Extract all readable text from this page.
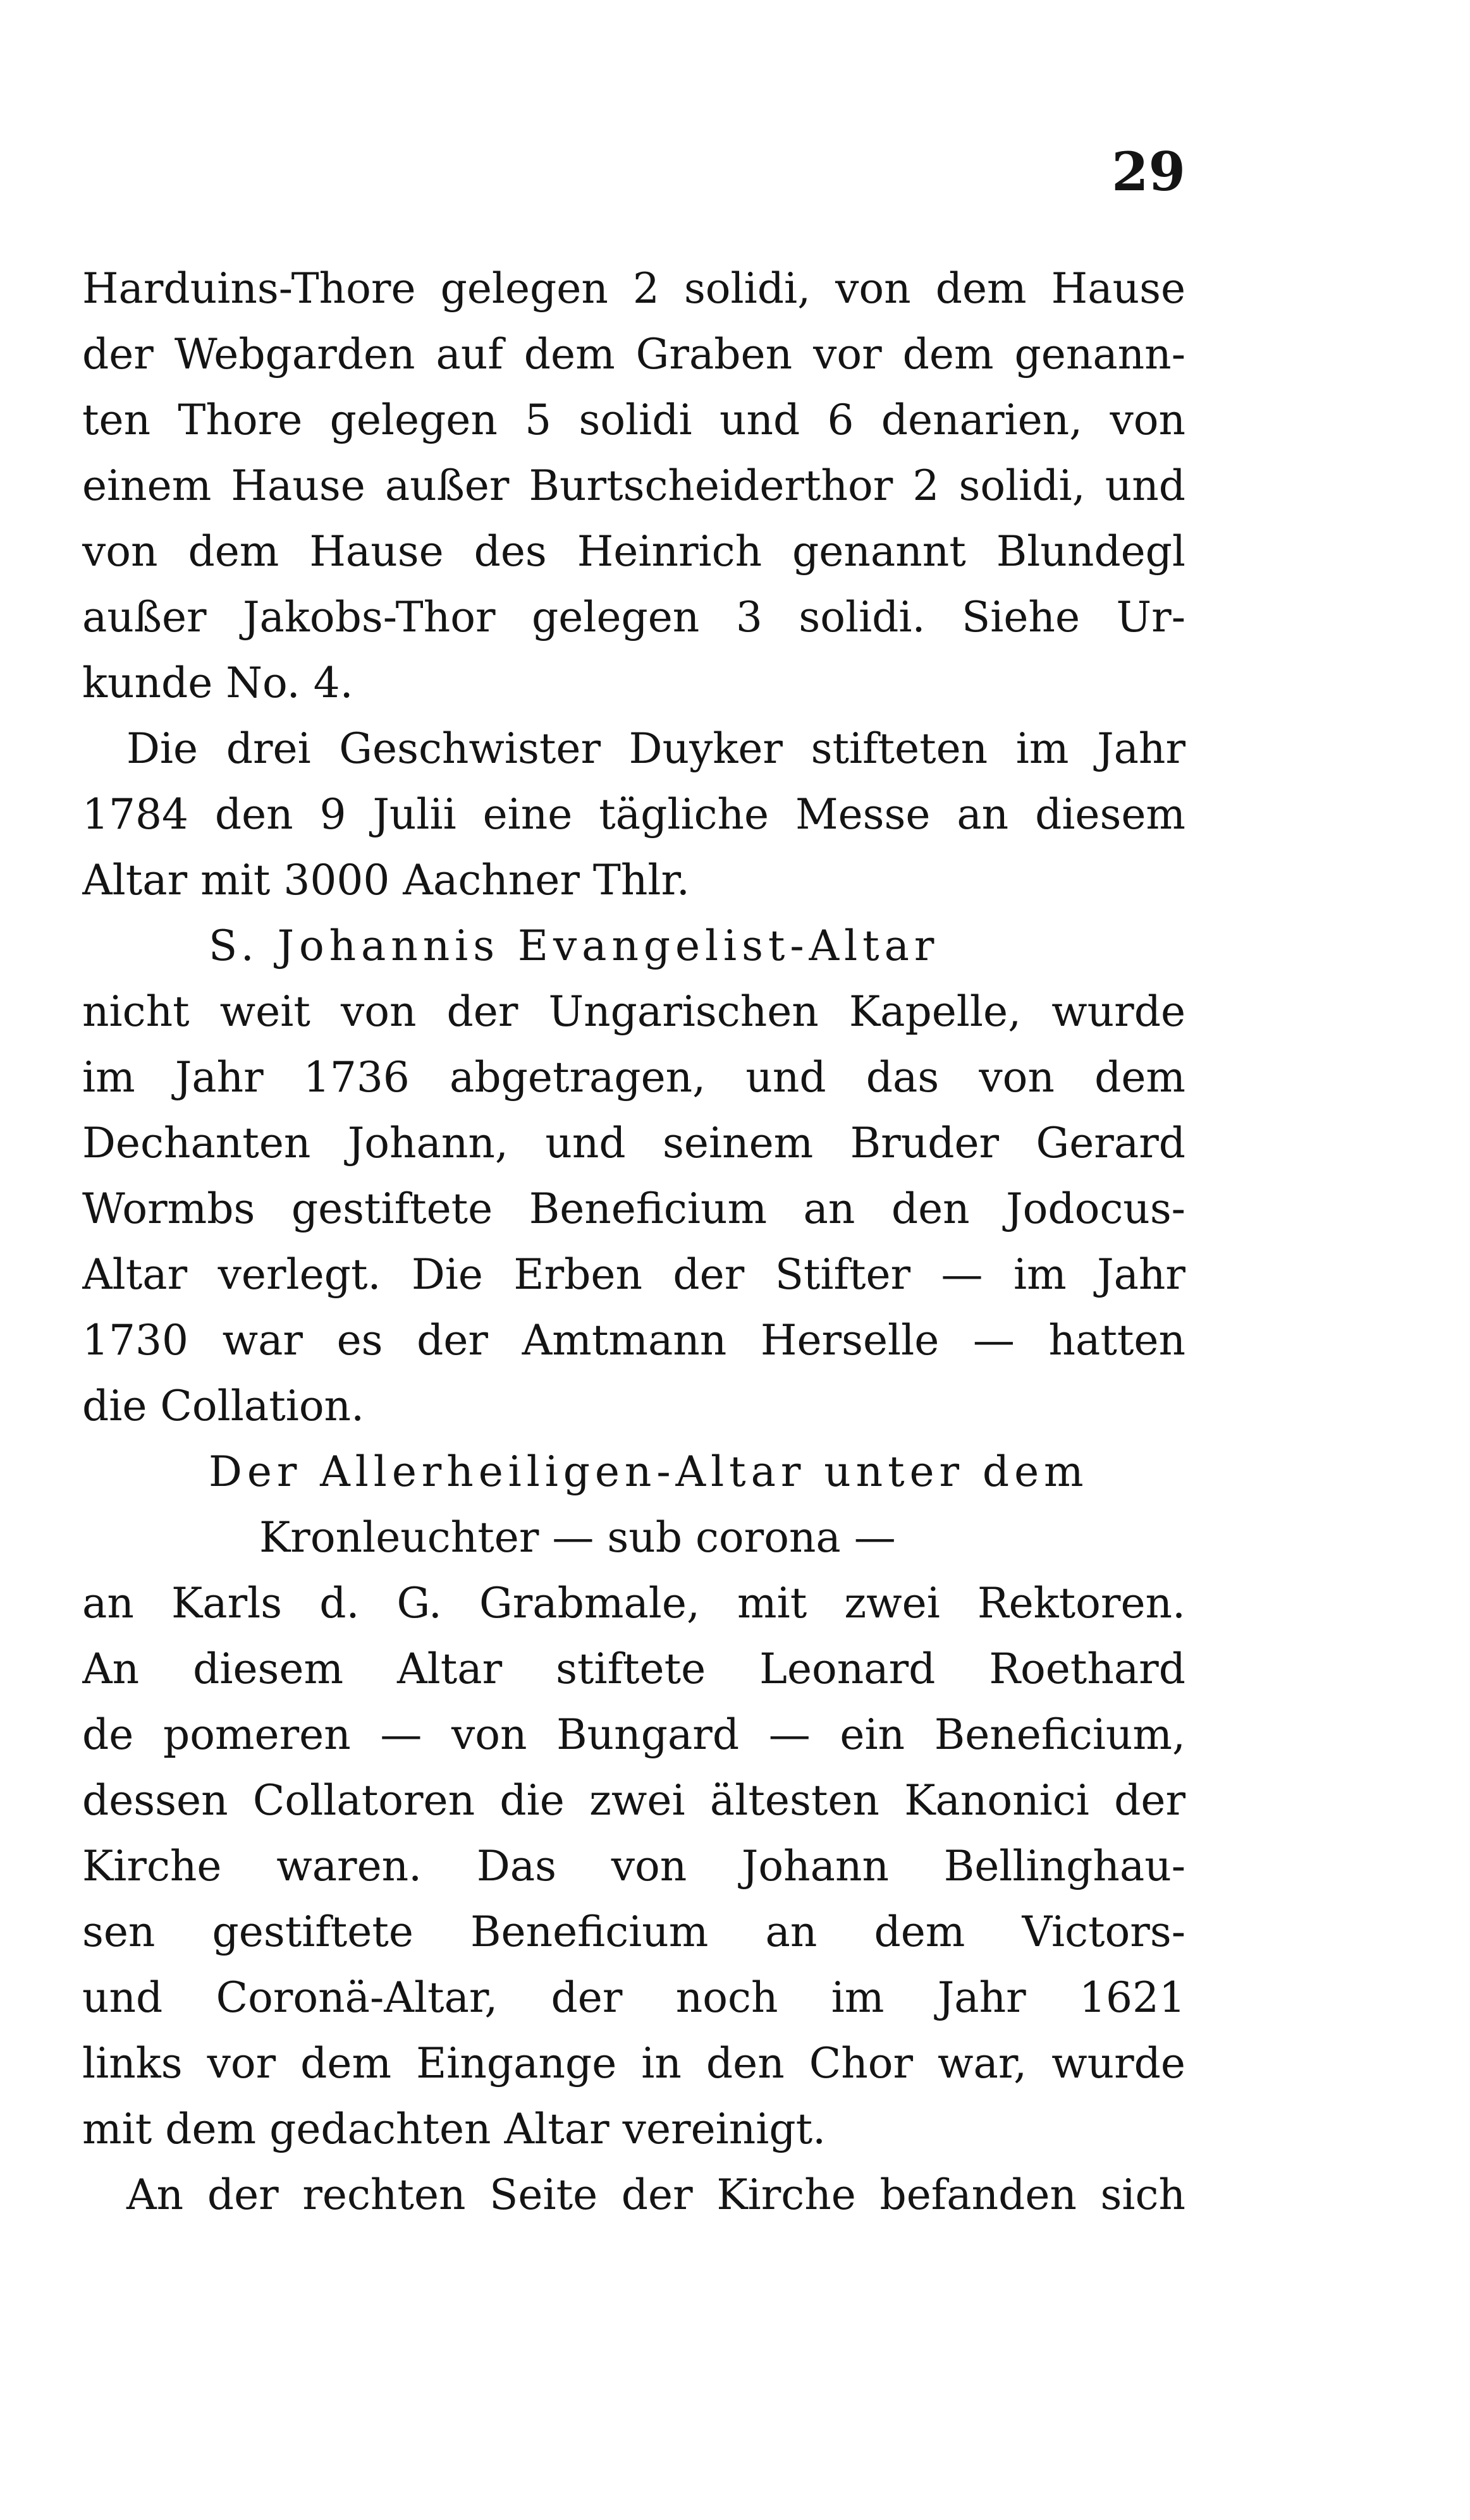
29

Harduins-Thore gelegen 2 solidi, von dem Hause
der Webgarden auf dem Graben vor dem genann-
ten Thore gelegen 5 solidi und 6 denarien, von
einem Hause außer Burtscheiderthor 2 solidi, und
von dem Hause des Heinrich genannt Blundegl
außer Jakobs-Thor gelegen 3 solidi. Siehe Ur-
kunde No. 4.
Die drei Geschwister Duyker stifteten im Jahr
1784 den 9 Julii eine tägliche Messe an diesem
Altar mit 3000 Aachner Thlr.
S. Johannis Evangelist-Altar
nicht weit von der Ungarischen Kapelle, wurde
im Jahr 1736 abgetragen, und das von dem
Dechanten Johann, und seinem Bruder Gerard
Wormbs gestiftete Beneficium an den Jodocus-
Altar verlegt. Die Erben der Stifter — im Jahr
1730 war es der Amtmann Herselle — hatten
die Collation.
Der Allerheiligen-Altar unter dem
Kronleuchter — sub corona —
an Karls d. G. Grabmale, mit zwei Rektoren.
An diesem Altar stiftete Leonard Roethard
de pomeren — von Bungard — ein Beneficium,
dessen Collatoren die zwei ältesten Kanonici der
Kirche waren. Das von Johann Bellinghau-
sen gestiftete Beneficium an dem Victors-
und Coronä-Altar, der noch im Jahr 1621
links vor dem Eingange in den Chor war, wurde
mit dem gedachten Altar vereinigt.
An der rechten Seite der Kirche befanden sich
